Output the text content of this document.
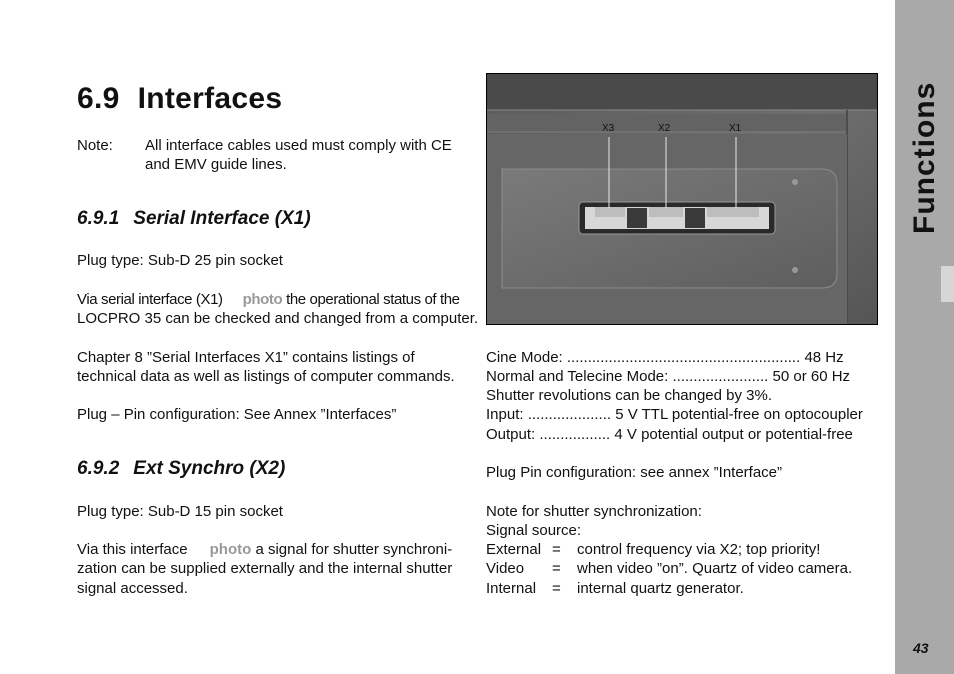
6.9 Interfaces
Note: All interface cables used must comply with CE
and EMV guide lines.
6.9.1 Serial Interface (X1)
Plug type: Sub-D 25 pin socket
Via serial interface (X1) photo the operational status of the
LOCPRO 35 can be checked and changed from a computer.
Chapter 8 ”Serial Interfaces X1” contains listings of
technical data as well as listings of computer commands.
Plug – Pin configuration: See Annex ”Interfaces”
6.9.2 Ext Synchro (X2)
Plug type: Sub-D 15 pin socket
Via this interface photo a signal for shutter synchroni-
zation can be supplied externally and the internal shutter
signal accessed.
X3	X2	X1
Cine Mode: ........................................................ 48 Hz
Normal and Telecine Mode: ....................... 50 or 60 Hz
Shutter revolutions can be changed by 3%.
Input: .................... 5 V TTL potential-free on optocoupler
Output: ................. 4 V potential output or potential-free
Plug Pin configuration: see annex ”Interface”
Note for shutter synchronization:
Signal source:
External = control frequency via X2; top priority!
Video = when video ”on”. Quartz of video camera.
Internal = internal quartz generator.
Functions
43
